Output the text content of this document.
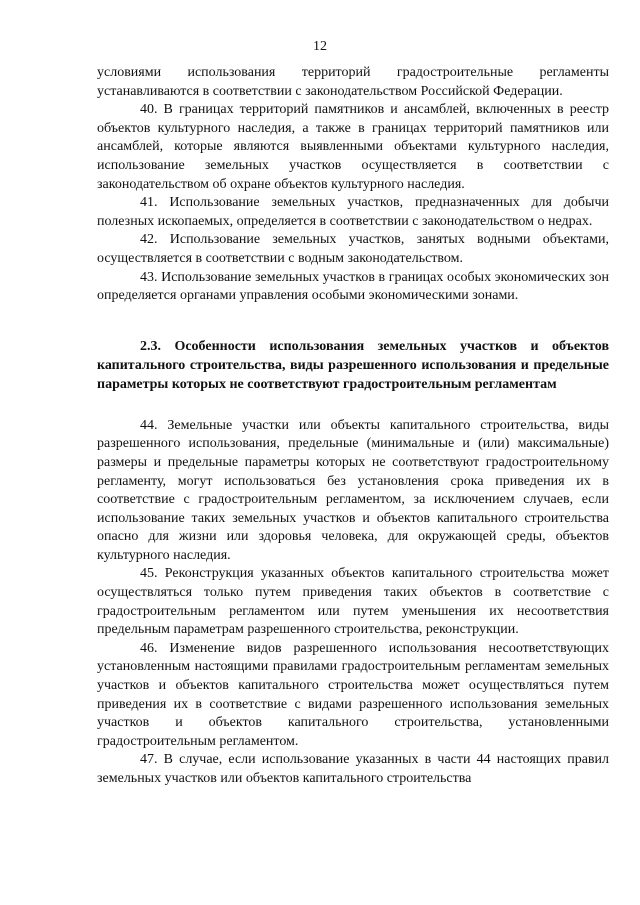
12

условиями использования территорий градостроительные регламенты устанавливаются в соответствии с законодательством Российской Федерации.

40. В границах территорий памятников и ансамблей, включенных в реестр объектов культурного наследия, а также в границах территорий памятников или ансамблей, которые являются выявленными объектами культурного наследия, использование земельных участков осуществляется в соответствии с законодательством об охране объектов культурного наследия.

41. Использование земельных участков, предназначенных для добычи полезных ископаемых, определяется в соответствии с законодательством о недрах.

42. Использование земельных участков, занятых водными объектами, осуществляется в соответствии с водным законодательством.

43. Использование земельных участков в границах особых экономических зон определяется органами управления особыми экономическими зонами.

2.3. Особенности использования земельных участков и объектов капитального строительства, виды разрешенного использования и предельные параметры которых не соответствуют градостроительным регламентам

44. Земельные участки или объекты капитального строительства, виды разрешенного использования, предельные (минимальные и (или) максимальные) размеры и предельные параметры которых не соответствуют градостроительному регламенту, могут использоваться без установления срока приведения их в соответствие с градостроительным регламентом, за исключением случаев, если использование таких земельных участков и объектов капитального строительства опасно для жизни или здоровья человека, для окружающей среды, объектов культурного наследия.

45. Реконструкция указанных объектов капитального строительства может осуществляться только путем приведения таких объектов в соответствие с градостроительным регламентом или путем уменьшения их несоответствия предельным параметрам разрешенного строительства, реконструкции.

46. Изменение видов разрешенного использования несоответствующих установленным настоящими правилами градостроительным регламентам земельных участков и объектов капитального строительства может осуществляться путем приведения их в соответствие с видами разрешенного использования земельных участков и объектов капитального строительства, установленными градостроительным регламентом.

47. В случае, если использование указанных в части 44 настоящих правил земельных участков или объектов капитального строительства
